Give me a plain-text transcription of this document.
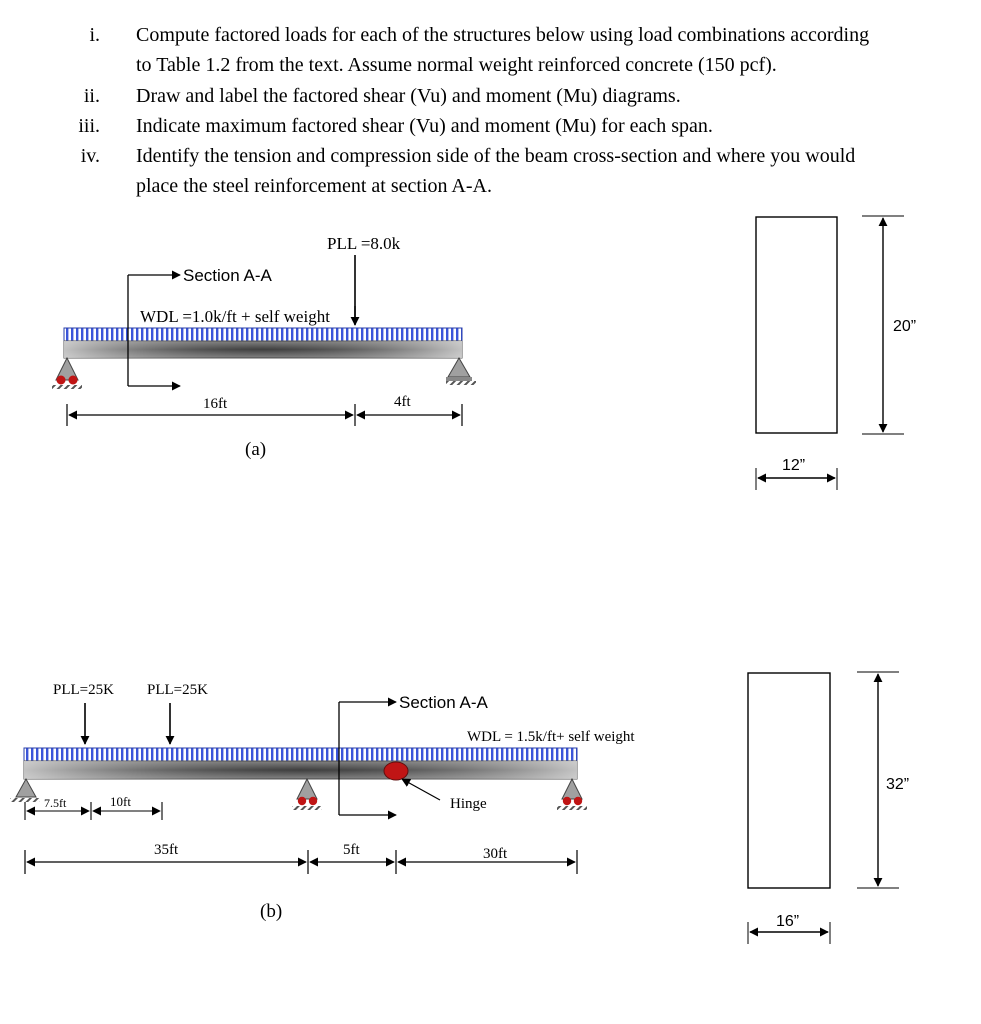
i. Compute factored loads for each of the structures below using load combinations according
to Table 1.2 from the text. Assume normal weight reinforced concrete (150 pcf).
ii. Draw and label the factored shear (Vu) and moment (Mu) diagrams.
iii. Indicate maximum factored shear (Vu) and moment (Mu) for each span.
iv. Identify the tension and compression side of the beam cross-section and where you would
place the steel reinforcement at section A-A.
PLL =8.0k
WDL =1.0k/ft + self weight
Section A-A
16ft	4ft
(a)
20”
12”
Hinge
PLL=25K PLL=25K
WDL = 1.5k/ft+ self weight
Section A-A
7.5ft	10ft
35ft	5ft	30ft
(b)
32”
16”
